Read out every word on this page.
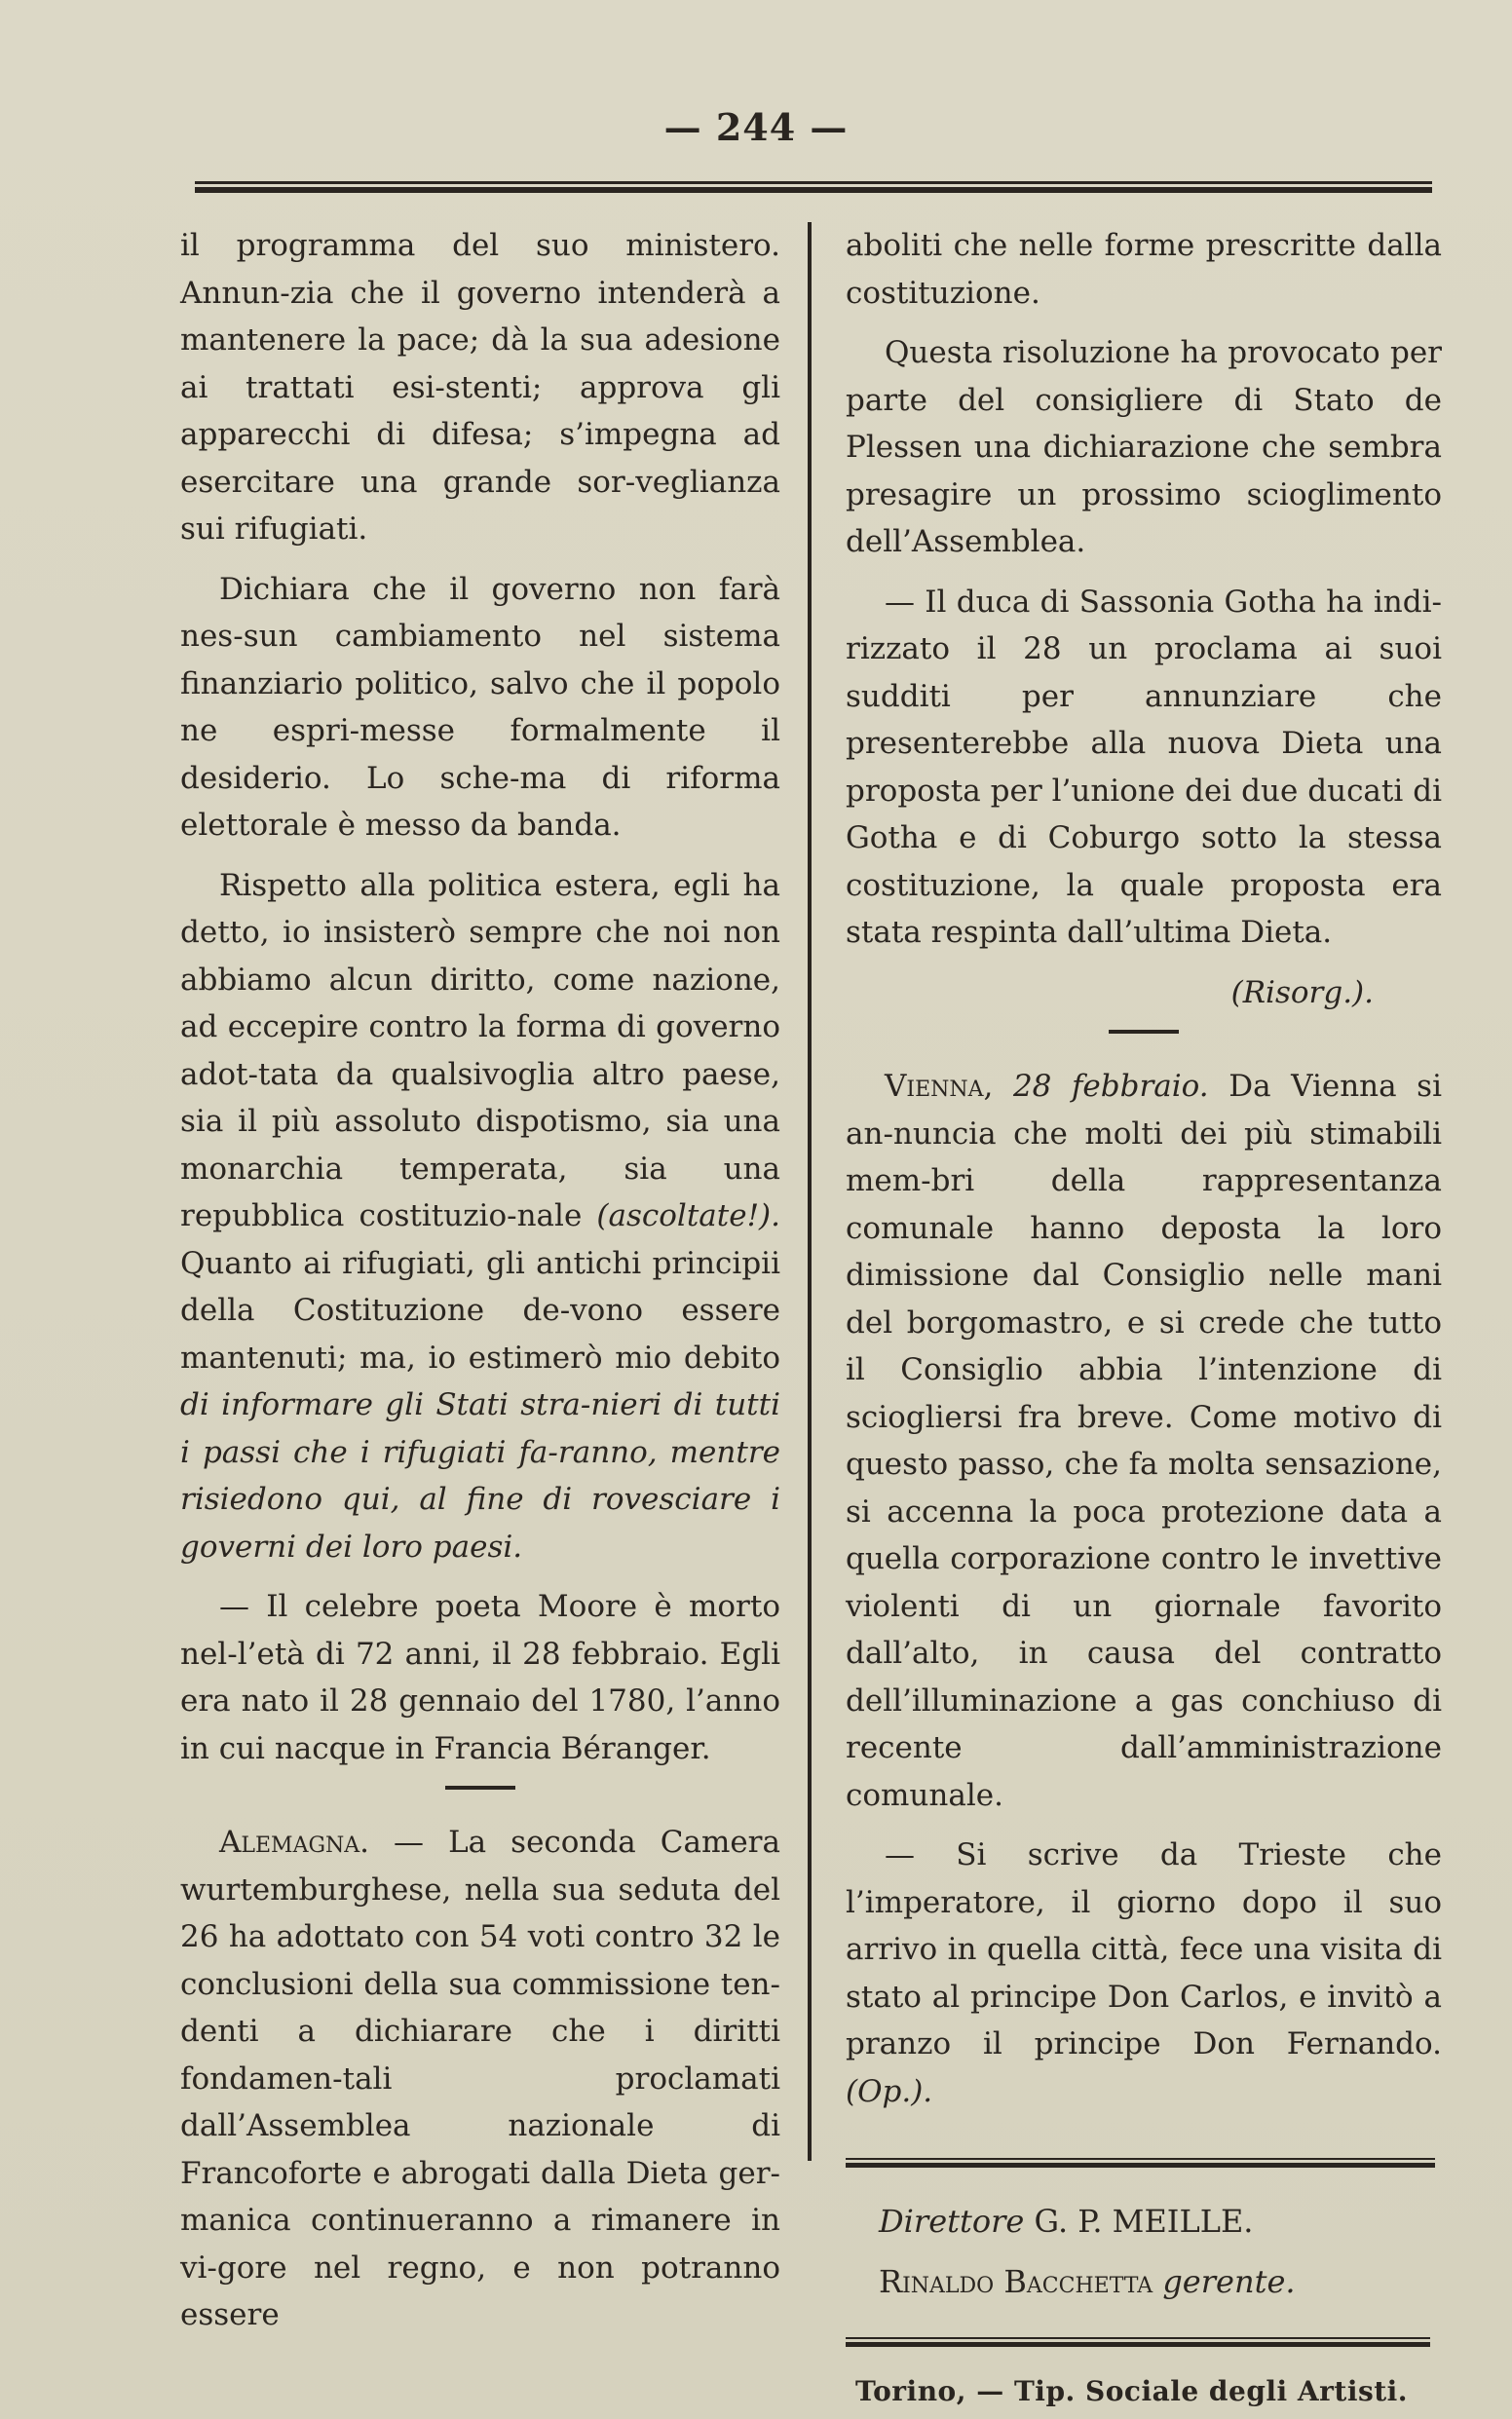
— 244 —

il programma del suo ministero. Annun-zia che il governo intenderà a mantenere la pace; dà la sua adesione ai trattati esi-stenti; approva gli apparecchi di difesa; s’impegna ad esercitare una grande sor-veglianza sui rifugiati.

Dichiara che il governo non farà nes-sun cambiamento nel sistema finanziario politico, salvo che il popolo ne espri-messe formalmente il desiderio. Lo sche-ma di riforma elettorale è messo da banda.

Rispetto alla politica estera, egli ha detto, io insisterò sempre che noi non abbiamo alcun diritto, come nazione, ad eccepire contro la forma di governo adot-tata da qualsivoglia altro paese, sia il più assoluto dispotismo, sia una monarchia temperata, sia una repubblica costituzio-nale (ascoltate!). Quanto ai rifugiati, gli antichi principii della Costituzione de-vono essere mantenuti; ma, io estimerò mio debito di informare gli Stati stra-nieri di tutti i passi che i rifugiati fa-ranno, mentre risiedono qui, al fine di rovesciare i governi dei loro paesi.

— Il celebre poeta Moore è morto nel-l’età di 72 anni, il 28 febbraio. Egli era nato il 28 gennaio del 1780, l’anno in cui nacque in Francia Béranger.

Alemagna. — La seconda Camera wurtemburghese, nella sua seduta del 26 ha adottato con 54 voti contro 32 le conclusioni della sua commissione ten-denti a dichiarare che i diritti fondamen-tali proclamati dall’Assemblea nazionale di Francoforte e abrogati dalla Dieta ger-manica continueranno a rimanere in vi-gore nel regno, e non potranno essere

aboliti che nelle forme prescritte dalla costituzione.

Questa risoluzione ha provocato per parte del consigliere di Stato de Plessen una dichiarazione che sembra presagire un prossimo scioglimento dell’Assemblea.

— Il duca di Sassonia Gotha ha indi-rizzato il 28 un proclama ai suoi sudditi per annunziare che presenterebbe alla nuova Dieta una proposta per l’unione dei due ducati di Gotha e di Coburgo sotto la stessa costituzione, la quale proposta era stata respinta dall’ultima Dieta.

(Risorg.).

Vienna, 28 febbraio. Da Vienna si an-nuncia che molti dei più stimabili mem-bri della rappresentanza comunale hanno deposta la loro dimissione dal Consiglio nelle mani del borgomastro, e si crede che tutto il Consiglio abbia l’intenzione di sciogliersi fra breve. Come motivo di questo passo, che fa molta sensazione, si accenna la poca protezione data a quella corporazione contro le invettive violenti di un giornale favorito dall’alto, in causa del contratto dell’illuminazione a gas conchiuso di recente dall’amministrazione comunale.

— Si scrive da Trieste che l’imperatore, il giorno dopo il suo arrivo in quella città, fece una visita di stato al principe Don Carlos, e invitò a pranzo il principe Don Fernando. (Op.).

Direttore G. P. MEILLE.
Rinaldo Bacchetta gerente.
Torino, — Tip. Sociale degli Artisti.
